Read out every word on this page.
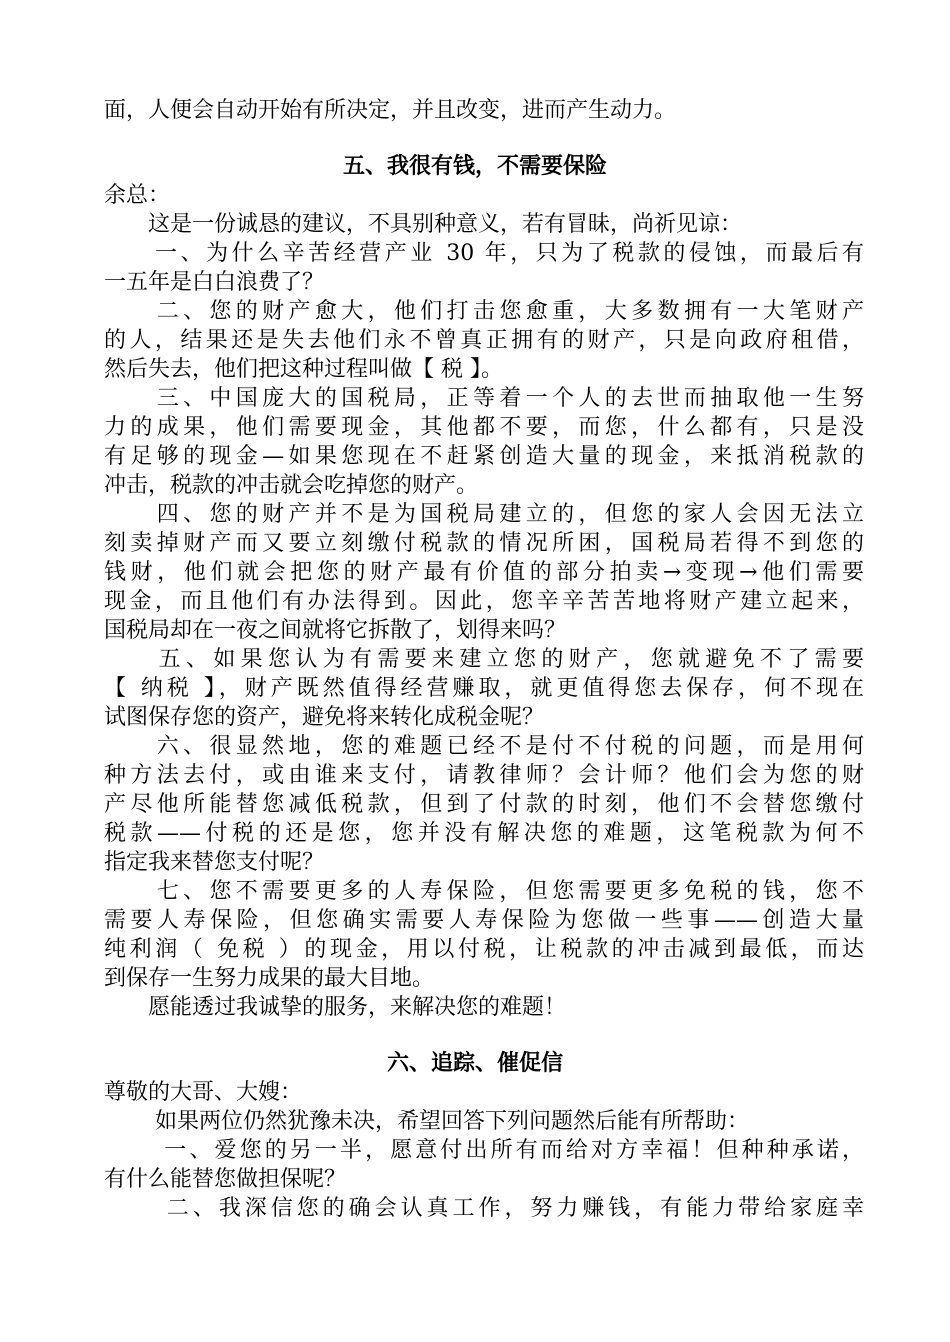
面，人便会自动开始有所决定，并且改变，进而产生动力。
五、我很有钱，不需要保险
余总：
　　这是一份诚恳的建议，不具别种意义，若有冒昧，尚祈见谅：
　　一、为什么辛苦经营产业 30 年，只为了税款的侵蚀，而最后有
一五年是白白浪费了？
　　二、您的财产愈大，他们打击您愈重，大多数拥有一大笔财产
的人，结果还是失去他们永不曾真正拥有的财产，只是向政府租借，
然后失去，他们把这种过程叫做【 税 】。
　　三、中国庞大的国税局，正等着一个人的去世而抽取他一生努
力的成果，他们需要现金，其他都不要，而您，什么都有，只是没
有足够的现金—如果您现在不赶紧创造大量的现金，来抵消税款的
冲击，税款的冲击就会吃掉您的财产。
　　四、您的财产并不是为国税局建立的，但您的家人会因无法立
刻卖掉财产而又要立刻缴付税款的情况所困，国税局若得不到您的
钱财，他们就会把您的财产最有价值的部分拍卖→变现→他们需要
现金，而且他们有办法得到。因此，您辛辛苦苦地将财产建立起来，
国税局却在一夜之间就将它拆散了，划得来吗？
　　五、如果您认为有需要来建立您的财产，您就避免不了需要
【 纳税 】，财产既然值得经营赚取，就更值得您去保存，何不现在
试图保存您的资产，避免将来转化成税金呢？
　　六、很显然地，您的难题已经不是付不付税的问题，而是用何
种方法去付，或由谁来支付，请教律师？会计师？他们会为您的财
产尽他所能替您减低税款，但到了付款的时刻，他们不会替您缴付
税款——付税的还是您，您并没有解决您的难题，这笔税款为何不
指定我来替您支付呢？
　　七、您不需要更多的人寿保险，但您需要更多免税的钱，您不
需要人寿保险，但您确实需要人寿保险为您做一些事——创造大量
纯利润（ 免税 ）的现金，用以付税，让税款的冲击减到最低，而达
到保存一生努力成果的最大目地。
　　愿能透过我诚挚的服务，来解决您的难题！
六、追踪、催促信
尊敬的大哥、大嫂：
　　 如果两位仍然犹豫未决，希望回答下列问题然后能有所帮助：
　　 一、爱您的另一半，愿意付出所有而给对方幸福！但种种承诺，
有什么能替您做担保呢？
　　 二、我深信您的确会认真工作，努力赚钱，有能力带给家庭幸
